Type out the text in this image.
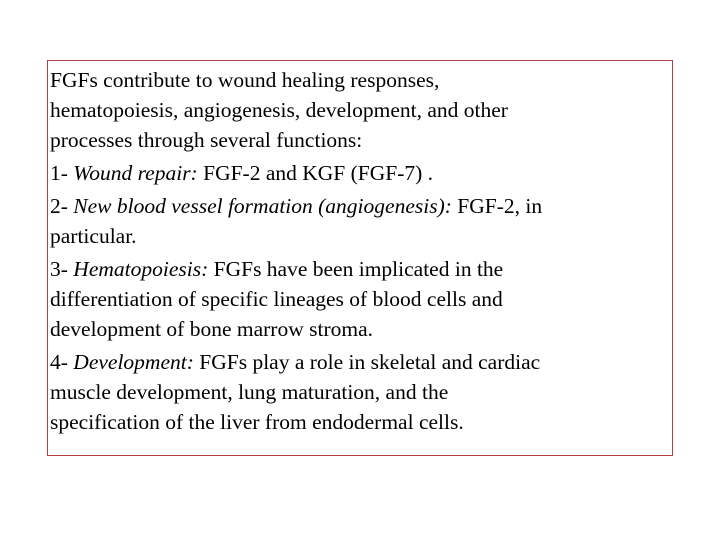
FGFs contribute to wound healing responses,
hematopoiesis, angiogenesis, development, and other
processes through several functions:
1- Wound repair: FGF-2 and KGF (FGF-7) .
2- New blood vessel formation (angiogenesis): FGF-2, in
particular.
3- Hematopoiesis: FGFs have been implicated in the
differentiation of specific lineages of blood cells and
development of bone marrow stroma.
4- Development: FGFs play a role in skeletal and cardiac
muscle development, lung maturation, and the
specification of the liver from endodermal cells.
